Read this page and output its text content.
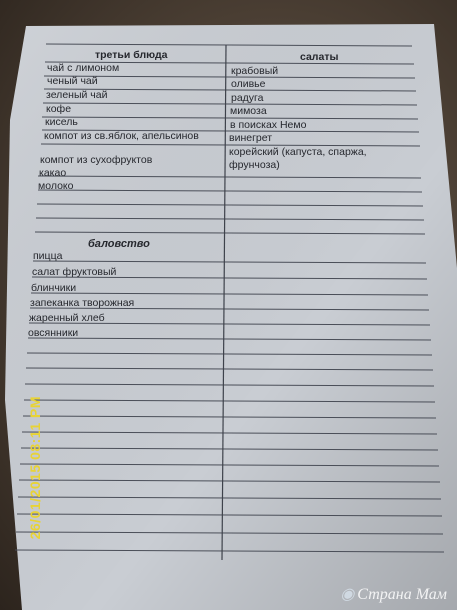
третьи блюда
чай с лимоном
ченый чай
зеленый чай
кофе
кисель
компот из св.яблок, апельсинов
компот из сухофруктов
какао
молоко
баловство
пицца
салат фруктовый
блинчики
запеканка творожная
жаренный хлеб
овсянники
салаты
крабовый
оливье
радуга
мимоза
в поисках Немо
винегрет
корейский (капуста, спаржа,
фрунчоза)
26/01/2015 08:11 PM
◉ Страна Мам
